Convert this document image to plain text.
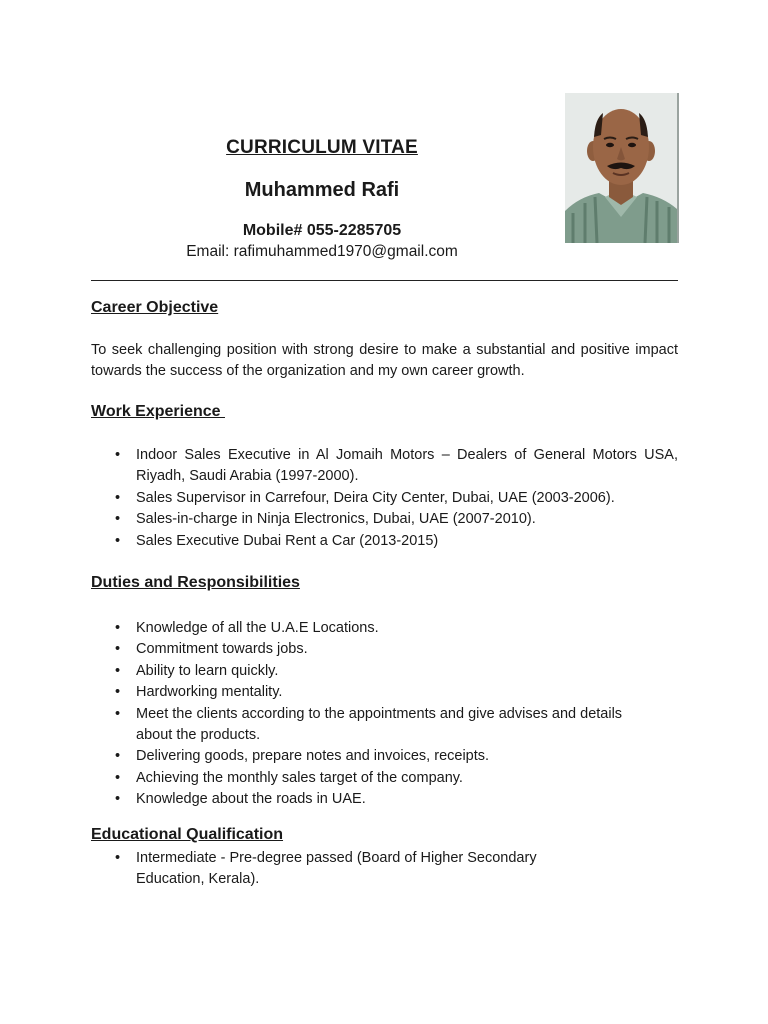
CURRICULUM VITAE
Muhammed Rafi
Mobile# 055-2285705
Email: rafimuhammed1970@gmail.com
Career Objective
To seek challenging position with strong desire to make a substantial and positive impact towards the success of the organization and my own career growth.
Work Experience
• Indoor Sales Executive in Al Jomaih Motors – Dealers of General Motors USA, Riyadh, Saudi Arabia (1997-2000).
• Sales Supervisor in Carrefour, Deira City Center, Dubai, UAE (2003-2006).
• Sales-in-charge in Ninja Electronics, Dubai, UAE (2007-2010).
• Sales Executive Dubai Rent a Car (2013-2015)
Duties and Responsibilities
• Knowledge of all the U.A.E Locations.
• Commitment towards jobs.
• Ability to learn quickly.
• Hardworking mentality.
• Meet the clients according to the appointments and give advises and details about the products.
• Delivering goods, prepare notes and invoices, receipts.
• Achieving the monthly sales target of the company.
• Knowledge about the roads in UAE.
Educational Qualification
• Intermediate - Pre-degree passed (Board of Higher Secondary Education, Kerala).
